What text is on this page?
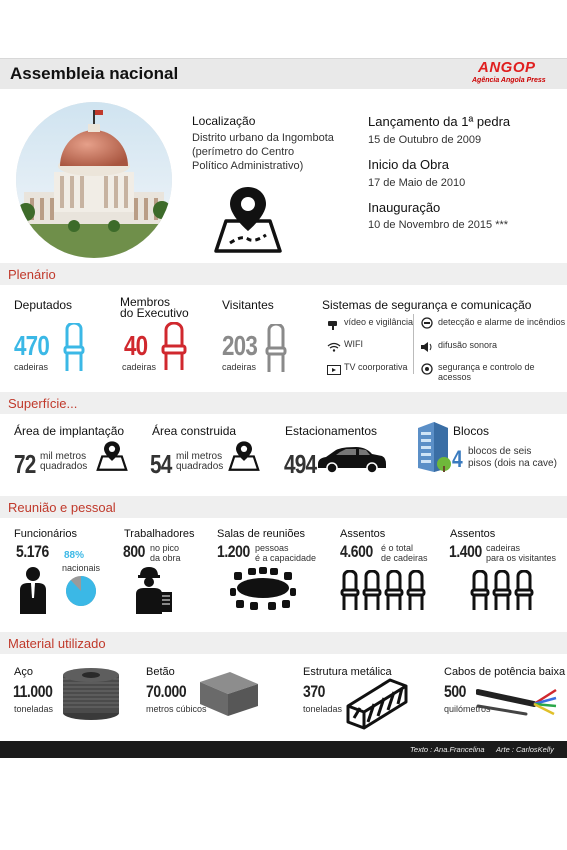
Assembleia nacional	ANGOP
Agência Angola Press
Localização
Distrito urbano da Ingombota
(perímetro do Centro
Político Administrativo)
Lançamento da 1ª pedra
15 de Outubro de 2009
Inicio da Obra
17 de Maio de 2010
Inauguração
10 de Novembro de 2015 ***
Plenário
Deputados
470
cadeiras
Membros
do Executivo
40
cadeiras
Visitantes
203
cadeiras
Sistemas de segurança e comunicação
vídeo e vigilância
WIFI
TV coorporativa
detecção e alarme de incêndios
difusão sonora
segurança e controlo de acessos
Superfície...
Área de implantação
72 mil metros
quadrados
Área construida
54 mil metros
quadrados
Estacionamentos
494
Blocos
4 blocos de seis
pisos (dois na cave)
Reunião e pessoal
Funcionários
5.176 88%
nacionais
Trabalhadores
800 no pico
da obra
Salas de reuniões
1.200 pessoas
é a capacidade
Assentos
4.600 é o total
de cadeiras
Assentos
1.400 cadeiras
para os visitantes
Material utilizado
Aço
11.000
toneladas
Betão
70.000
metros cúbicos
Estrutura metálica
370
toneladas
Cabos de potência baixa
500
quilómetros
Texto : Ana.Francelina Arte : CarlosKelly
